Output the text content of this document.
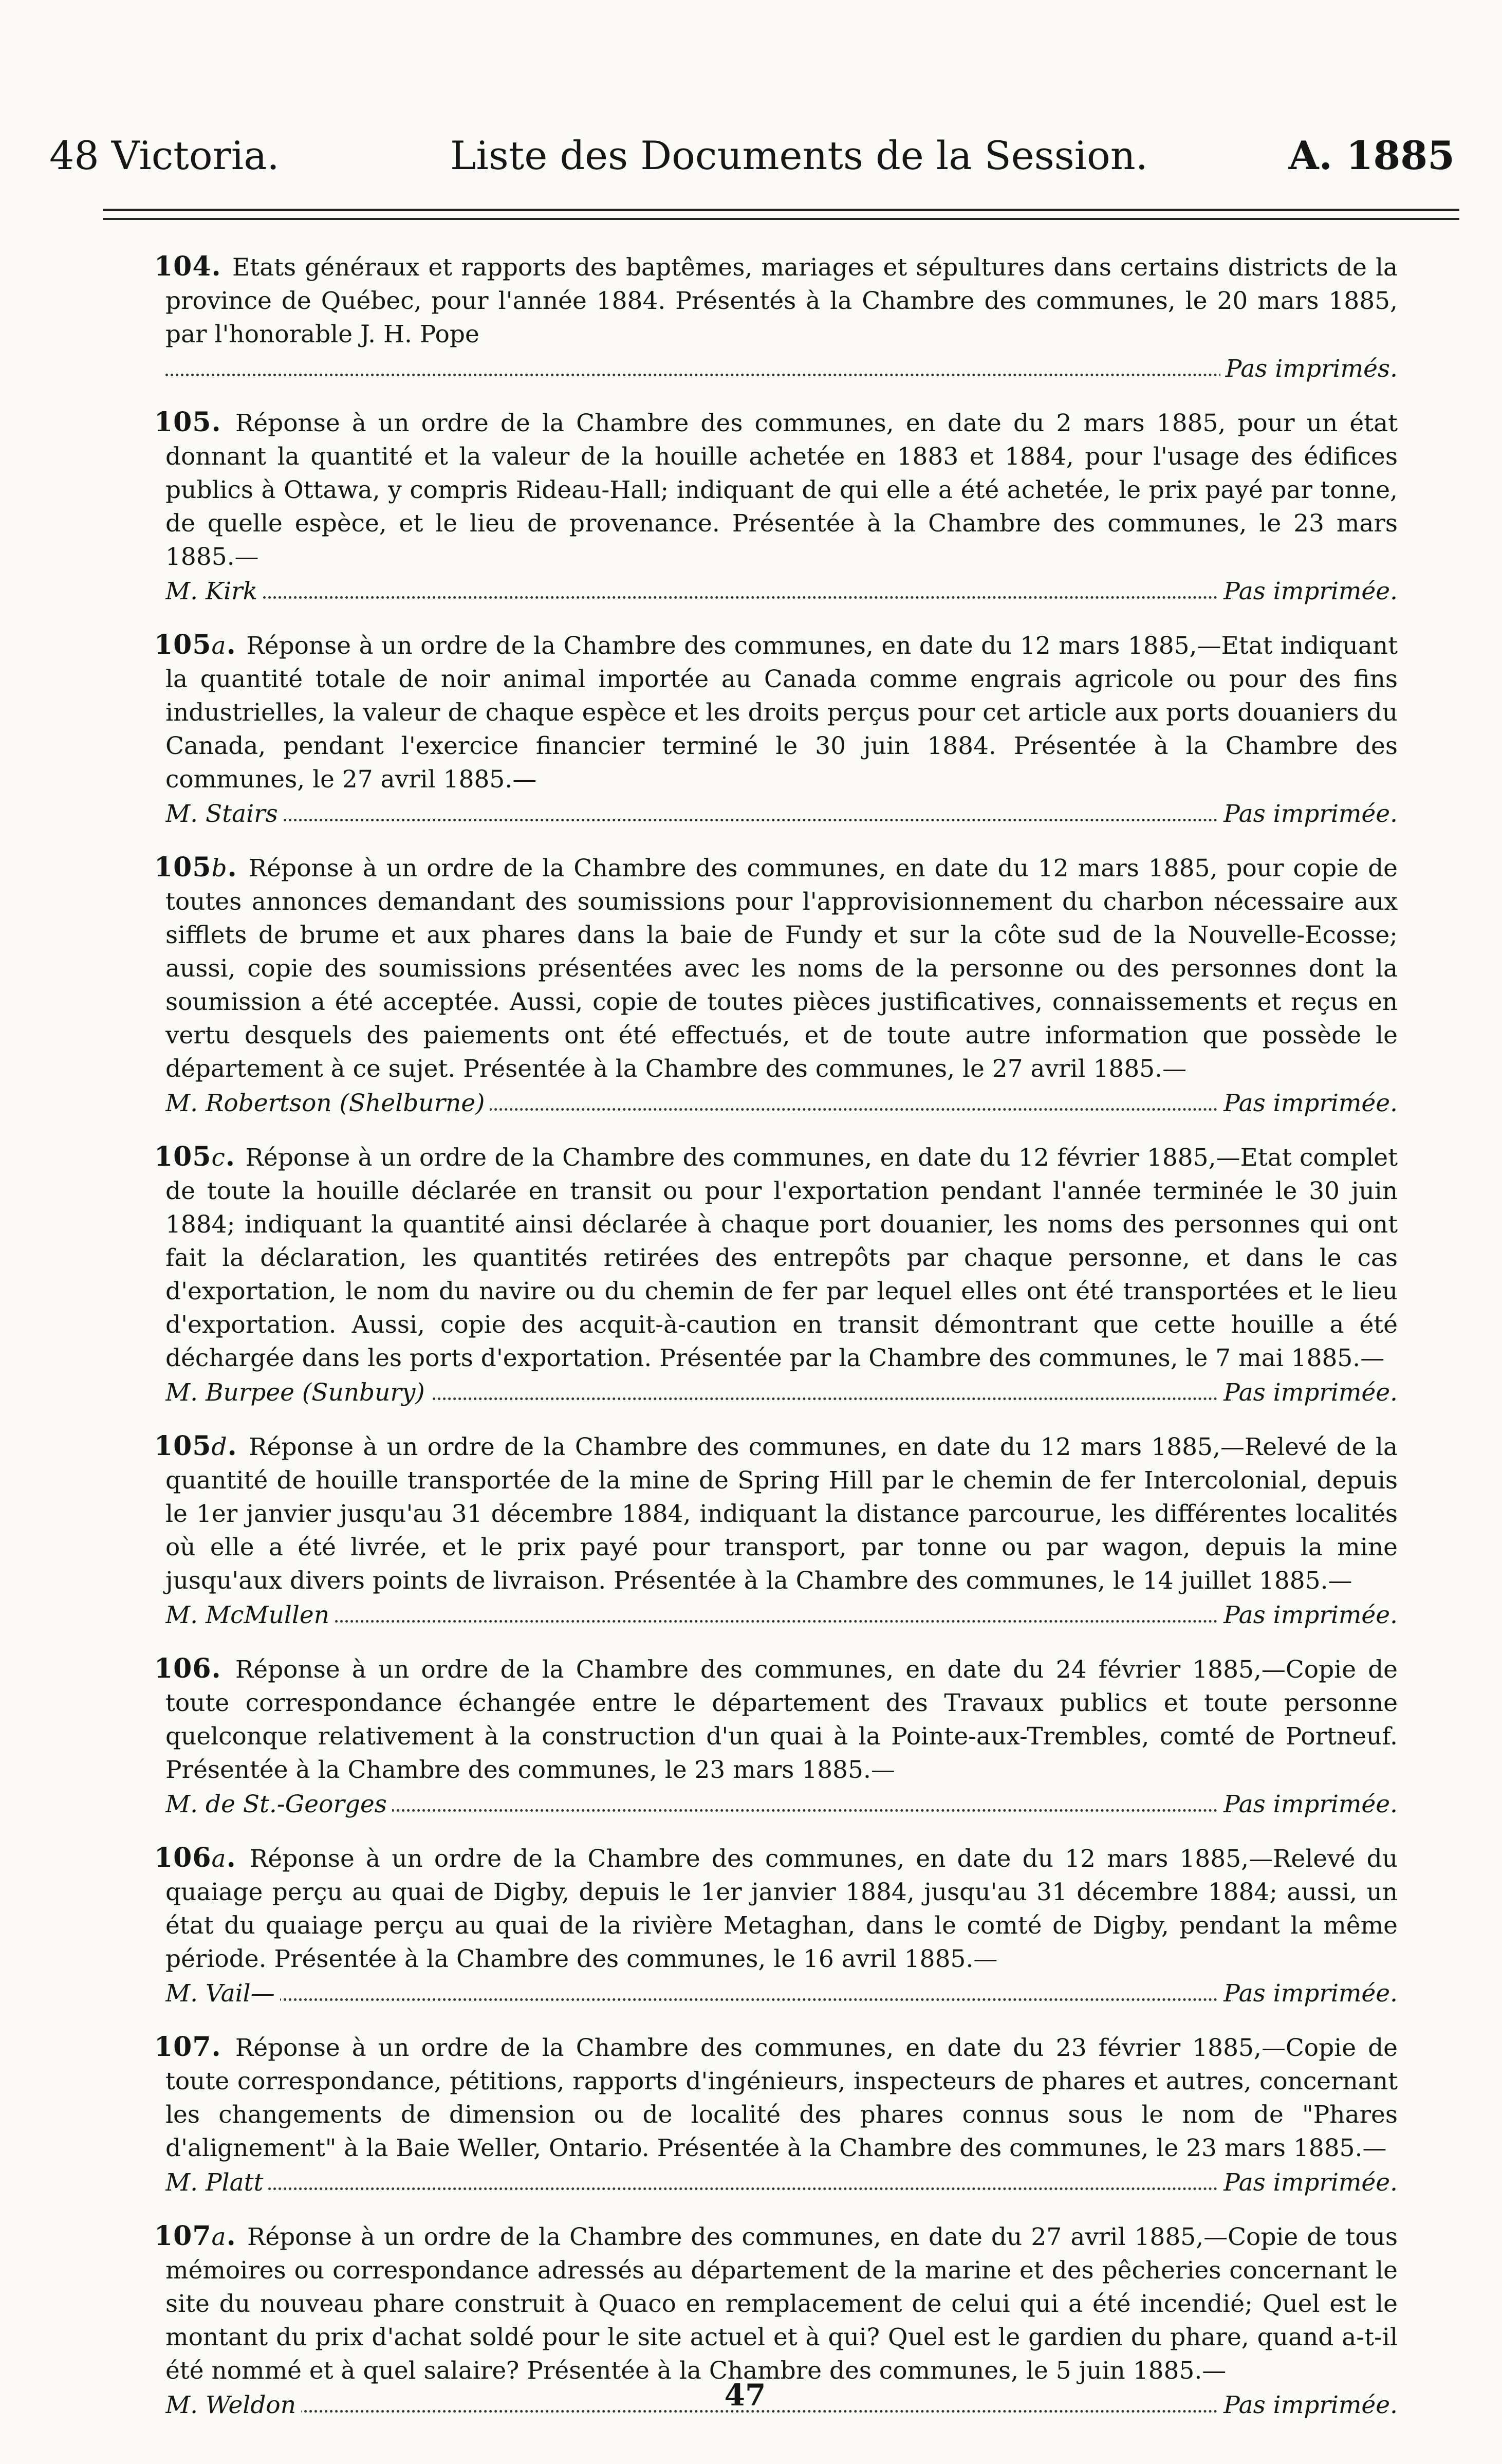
48 Victoria.	Liste des Documents de la Session.	A. 1885
104. Etats généraux et rapports des baptêmes, mariages et sépultures dans certains districts de la province de Québec, pour l'année 1884. Présentés à la Chambre des communes, le 20 mars 1885, par l'honorable J. H. Pope
Pas imprimés.
105. Réponse à un ordre de la Chambre des communes, en date du 2 mars 1885, pour un état donnant la quantité et la valeur de la houille achetée en 1883 et 1884, pour l'usage des édifices publics à Ottawa, y compris Rideau-Hall; indiquant de qui elle a été achetée, le prix payé par tonne, de quelle espèce, et le lieu de provenance. Présentée à la Chambre des communes, le 23 mars 1885.—
M. Kirk	Pas imprimée.
105a. Réponse à un ordre de la Chambre des communes, en date du 12 mars 1885,—Etat indiquant la quantité totale de noir animal importée au Canada comme engrais agricole ou pour des fins industrielles, la valeur de chaque espèce et les droits perçus pour cet article aux ports douaniers du Canada, pendant l'exercice financier terminé le 30 juin 1884. Présentée à la Chambre des communes, le 27 avril 1885.—
M. Stairs	Pas imprimée.
105b. Réponse à un ordre de la Chambre des communes, en date du 12 mars 1885, pour copie de toutes annonces demandant des soumissions pour l'approvisionnement du charbon nécessaire aux sifflets de brume et aux phares dans la baie de Fundy et sur la côte sud de la Nouvelle-Ecosse; aussi, copie des soumissions présentées avec les noms de la personne ou des personnes dont la soumission a été acceptée. Aussi, copie de toutes pièces justificatives, connaissements et reçus en vertu desquels des paiements ont été effectués, et de toute autre information que possède le département à ce sujet. Présentée à la Chambre des communes, le 27 avril 1885.—
M. Robertson (Shelburne)	Pas imprimée.
105c. Réponse à un ordre de la Chambre des communes, en date du 12 février 1885,—Etat complet de toute la houille déclarée en transit ou pour l'exportation pendant l'année terminée le 30 juin 1884; indiquant la quantité ainsi déclarée à chaque port douanier, les noms des personnes qui ont fait la déclaration, les quantités retirées des entrepôts par chaque personne, et dans le cas d'exportation, le nom du navire ou du chemin de fer par lequel elles ont été transportées et le lieu d'exportation. Aussi, copie des acquit-à-caution en transit démontrant que cette houille a été déchargée dans les ports d'exportation. Présentée par la Chambre des communes, le 7 mai 1885.—
M. Burpee (Sunbury)	Pas imprimée.
105d. Réponse à un ordre de la Chambre des communes, en date du 12 mars 1885,—Relevé de la quantité de houille transportée de la mine de Spring Hill par le chemin de fer Intercolonial, depuis le 1er janvier jusqu'au 31 décembre 1884, indiquant la distance parcourue, les différentes localités où elle a été livrée, et le prix payé pour transport, par tonne ou par wagon, depuis la mine jusqu'aux divers points de livraison. Présentée à la Chambre des communes, le 14 juillet 1885.—
M. McMullen	Pas imprimée.
106. Réponse à un ordre de la Chambre des communes, en date du 24 février 1885,—Copie de toute correspondance échangée entre le département des Travaux publics et toute personne quelconque relativement à la construction d'un quai à la Pointe-aux-Trembles, comté de Portneuf. Présentée à la Chambre des communes, le 23 mars 1885.—
M. de St.-Georges	Pas imprimée.
106a. Réponse à un ordre de la Chambre des communes, en date du 12 mars 1885,—Relevé du quaiage perçu au quai de Digby, depuis le 1er janvier 1884, jusqu'au 31 décembre 1884; aussi, un état du quaiage perçu au quai de la rivière Metaghan, dans le comté de Digby, pendant la même période. Présentée à la Chambre des communes, le 16 avril 1885.—
M. Vail—	Pas imprimée.
107. Réponse à un ordre de la Chambre des communes, en date du 23 février 1885,—Copie de toute correspondance, pétitions, rapports d'ingénieurs, inspecteurs de phares et autres, concernant les changements de dimension ou de localité des phares connus sous le nom de "Phares d'alignement" à la Baie Weller, Ontario. Présentée à la Chambre des communes, le 23 mars 1885.—
M. Platt	Pas imprimée.
107a. Réponse à un ordre de la Chambre des communes, en date du 27 avril 1885,—Copie de tous mémoires ou correspondance adressés au département de la marine et des pêcheries concernant le site du nouveau phare construit à Quaco en remplacement de celui qui a été incendié; Quel est le montant du prix d'achat soldé pour le site actuel et à qui? Quel est le gardien du phare, quand a-t-il été nommé et à quel salaire? Présentée à la Chambre des communes, le 5 juin 1885.—
M. Weldon	Pas imprimée.
47
